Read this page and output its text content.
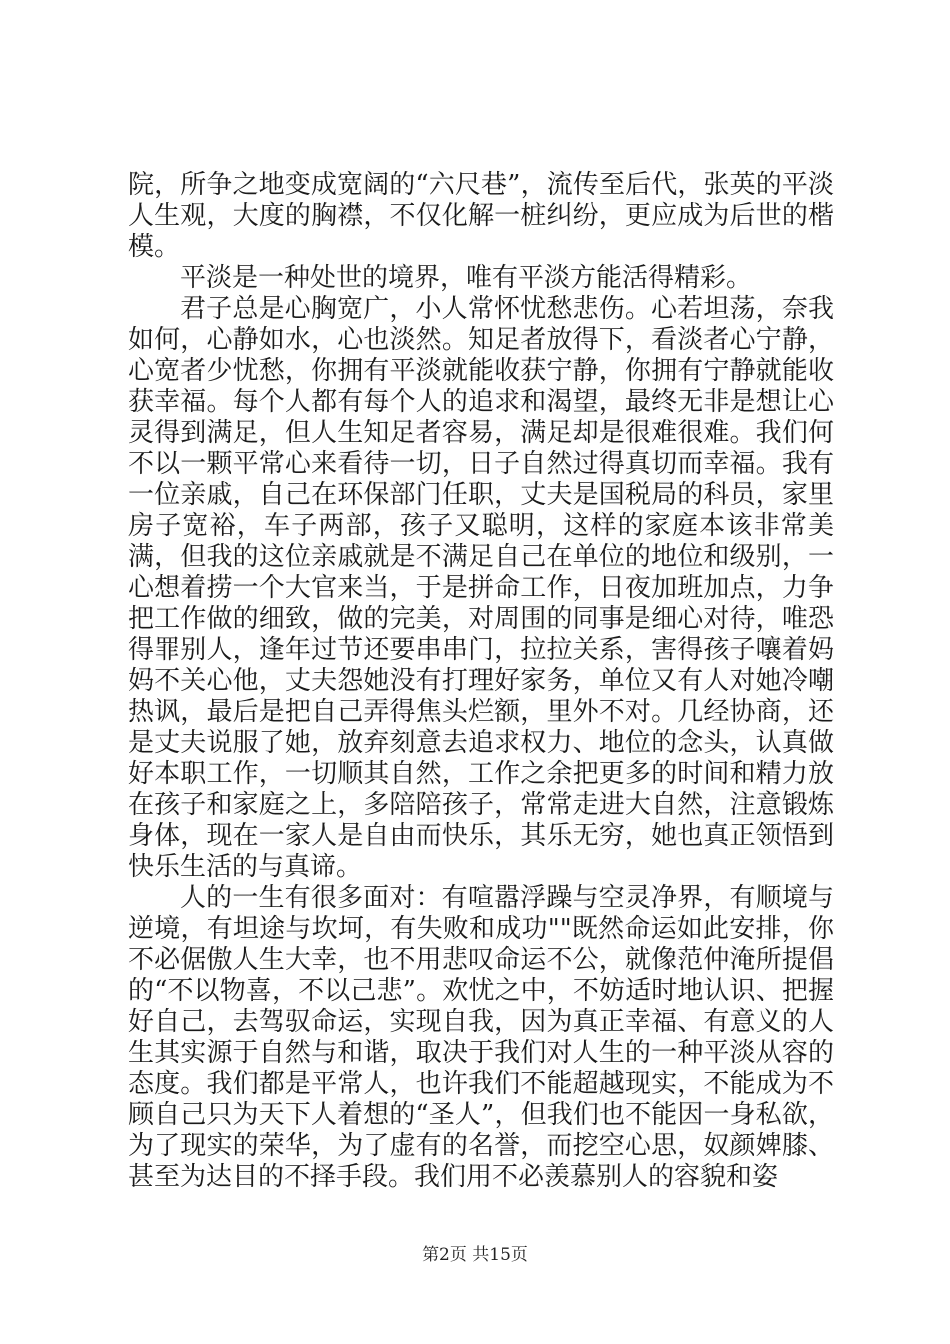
院，所争之地变成宽阔的“六尺巷”，流传至后代，张英的平淡人生观，大度的胸襟，不仅化解一桩纠纷，更应成为后世的楷模。

平淡是一种处世的境界，唯有平淡方能活得精彩。

君子总是心胸宽广，小人常怀忧愁悲伤。心若坦荡，奈我如何，心静如水，心也淡然。知足者放得下，看淡者心宁静，心宽者少忧愁，你拥有平淡就能收获宁静，你拥有宁静就能收获幸福。每个人都有每个人的追求和渴望，最终无非是想让心灵得到满足，但人生知足者容易，满足却是很难很难。我们何不以一颗平常心来看待一切，日子自然过得真切而幸福。我有一位亲戚，自己在环保部门任职，丈夫是国税局的科员，家里房子宽裕，车子两部，孩子又聪明，这样的家庭本该非常美满，但我的这位亲戚就是不满足自己在单位的地位和级别，一心想着捞一个大官来当，于是拼命工作，日夜加班加点，力争把工作做的细致，做的完美，对周围的同事是细心对待，唯恐得罪别人，逢年过节还要串串门，拉拉关系，害得孩子嚷着妈妈不关心他，丈夫怨她没有打理好家务，单位又有人对她冷嘲热讽，最后是把自己弄得焦头烂额，里外不对。几经协商，还是丈夫说服了她，放弃刻意去追求权力、地位的念头，认真做好本职工作，一切顺其自然，工作之余把更多的时间和精力放在孩子和家庭之上，多陪陪孩子，常常走进大自然，注意锻炼身体，现在一家人是自由而快乐，其乐无穷，她也真正领悟到快乐生活的与真谛。

人的一生有很多面对：有喧嚣浮躁与空灵净界，有顺境与逆境，有坦途与坎坷，有失败和成功""既然命运如此安排，你不必倨傲人生大幸，也不用悲叹命运不公，就像范仲淹所提倡的“不以物喜，不以己悲”。欢忧之中，不妨适时地认识、把握好自己，去驾驭命运，实现自我，因为真正幸福、有意义的人生其实源于自然与和谐，取决于我们对人生的一种平淡从容的态度。我们都是平常人，也许我们不能超越现实，不能成为不顾自己只为天下人着想的“圣人”，但我们也不能因一身私欲，为了现实的荣华，为了虚有的名誉，而挖空心思，奴颜婢膝、甚至为达目的不择手段。我们用不必羡慕别人的容貌和姿

第2页 共15页
